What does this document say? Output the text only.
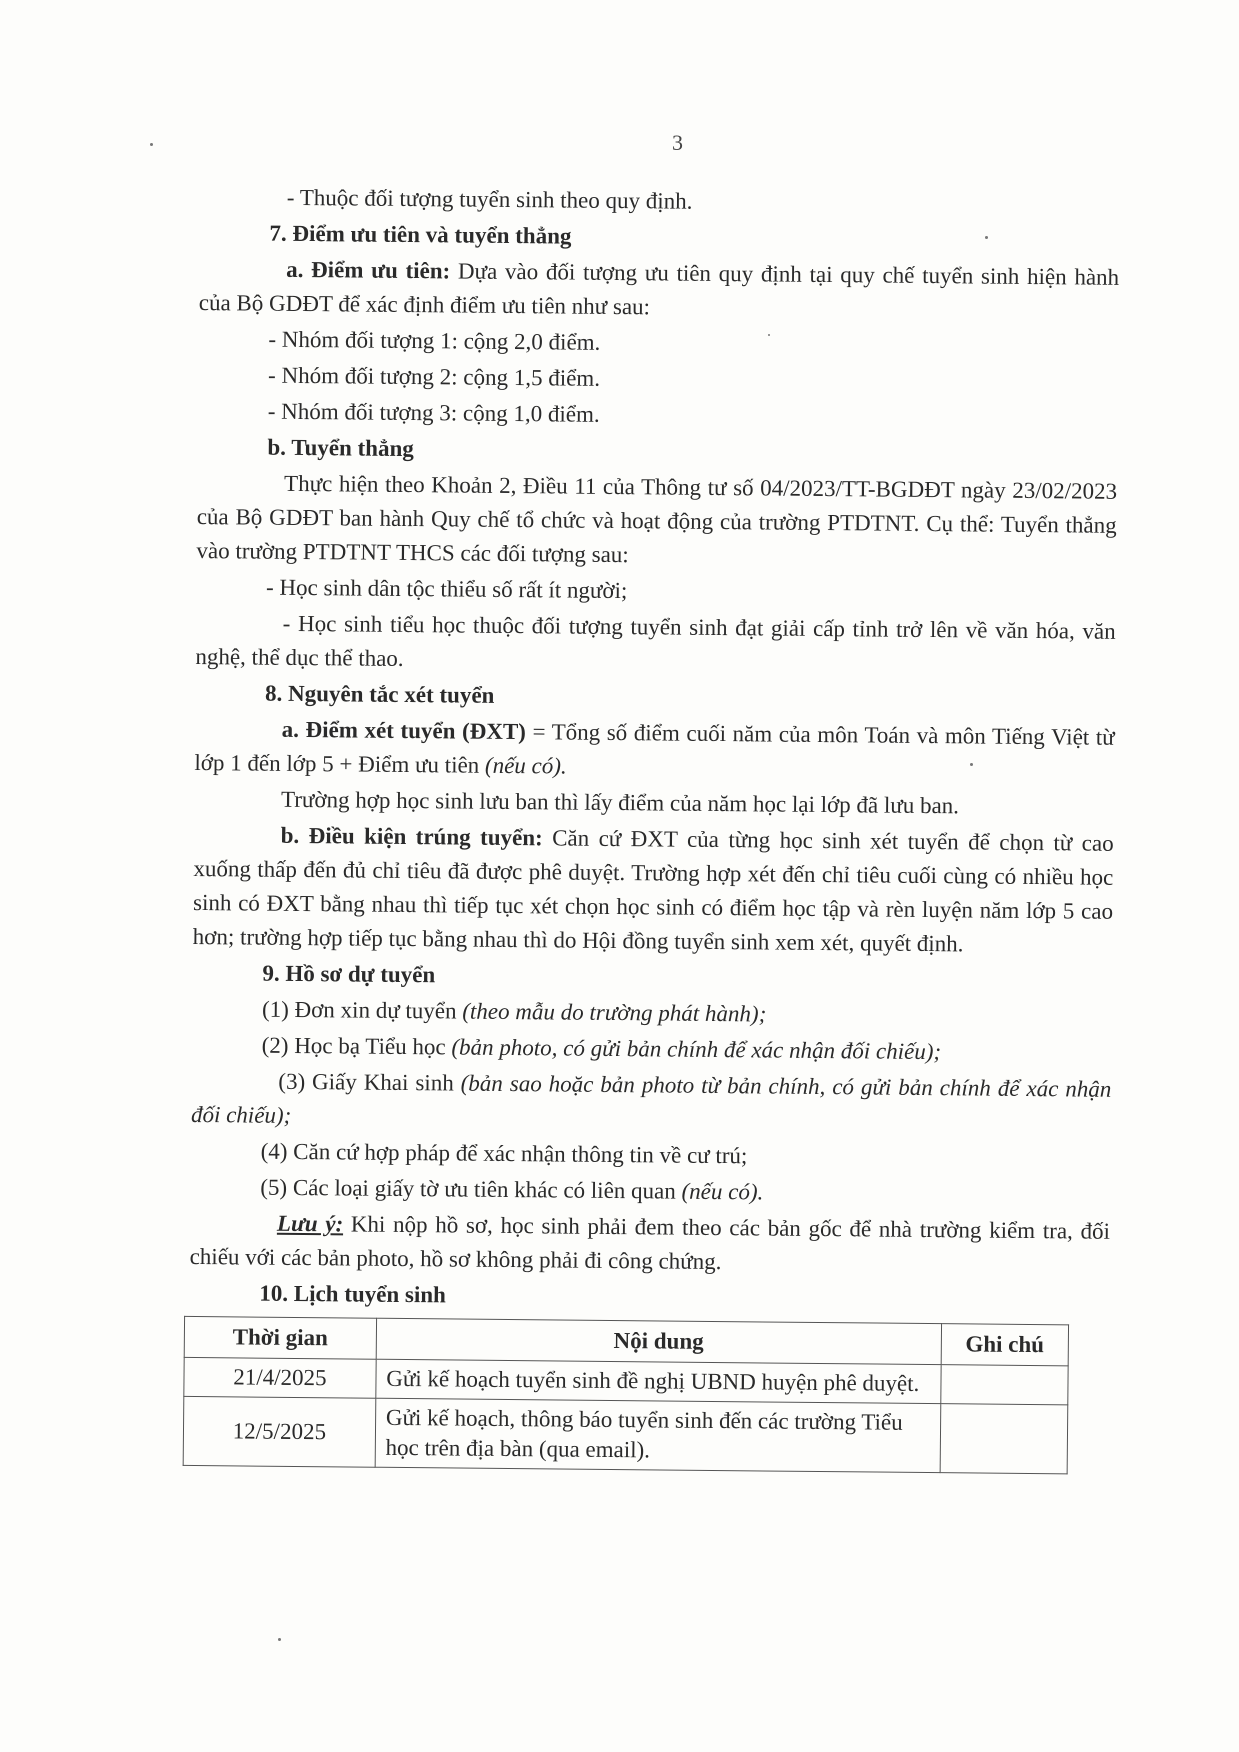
3

- Thuộc đối tượng tuyển sinh theo quy định.

7. Điểm ưu tiên và tuyển thẳng

a. Điểm ưu tiên: Dựa vào đối tượng ưu tiên quy định tại quy chế tuyển sinh hiện hành của Bộ GDĐT để xác định điểm ưu tiên như sau:

- Nhóm đối tượng 1: cộng 2,0 điểm.

- Nhóm đối tượng 2: cộng 1,5 điểm.

- Nhóm đối tượng 3: cộng 1,0 điểm.

b. Tuyển thẳng

Thực hiện theo Khoản 2, Điều 11 của Thông tư số 04/2023/TT-BGDĐT ngày 23/02/2023 của Bộ GDĐT ban hành Quy chế tổ chức và hoạt động của trường PTDTNT. Cụ thể: Tuyển thẳng vào trường PTDTNT THCS các đối tượng sau:

- Học sinh dân tộc thiểu số rất ít người;

- Học sinh tiểu học thuộc đối tượng tuyển sinh đạt giải cấp tỉnh trở lên về văn hóa, văn nghệ, thể dục thể thao.

8. Nguyên tắc xét tuyển

a. Điểm xét tuyển (ĐXT) = Tổng số điểm cuối năm của môn Toán và môn Tiếng Việt từ lớp 1 đến lớp 5 + Điểm ưu tiên (nếu có).

Trường hợp học sinh lưu ban thì lấy điểm của năm học lại lớp đã lưu ban.

b. Điều kiện trúng tuyển: Căn cứ ĐXT của từng học sinh xét tuyển để chọn từ cao xuống thấp đến đủ chỉ tiêu đã được phê duyệt. Trường hợp xét đến chỉ tiêu cuối cùng có nhiều học sinh có ĐXT bằng nhau thì tiếp tục xét chọn học sinh có điểm học tập và rèn luyện năm lớp 5 cao hơn; trường hợp tiếp tục bằng nhau thì do Hội đồng tuyển sinh xem xét, quyết định.

9. Hồ sơ dự tuyển

(1) Đơn xin dự tuyển (theo mẫu do trường phát hành);

(2) Học bạ Tiểu học (bản photo, có gửi bản chính để xác nhận đối chiếu);

(3) Giấy Khai sinh (bản sao hoặc bản photo từ bản chính, có gửi bản chính để xác nhận đối chiếu);

(4) Căn cứ hợp pháp để xác nhận thông tin về cư trú;

(5) Các loại giấy tờ ưu tiên khác có liên quan (nếu có).

Lưu ý: Khi nộp hồ sơ, học sinh phải đem theo các bản gốc để nhà trường kiểm tra, đối chiếu với các bản photo, hồ sơ không phải đi công chứng.

10. Lịch tuyển sinh

Thời gian	Nội dung	Ghi chú
21/4/2025	Gửi kế hoạch tuyển sinh đề nghị UBND huyện phê duyệt.	
12/5/2025	Gửi kế hoạch, thông báo tuyển sinh đến các trường Tiểu học trên địa bàn (qua email).	
